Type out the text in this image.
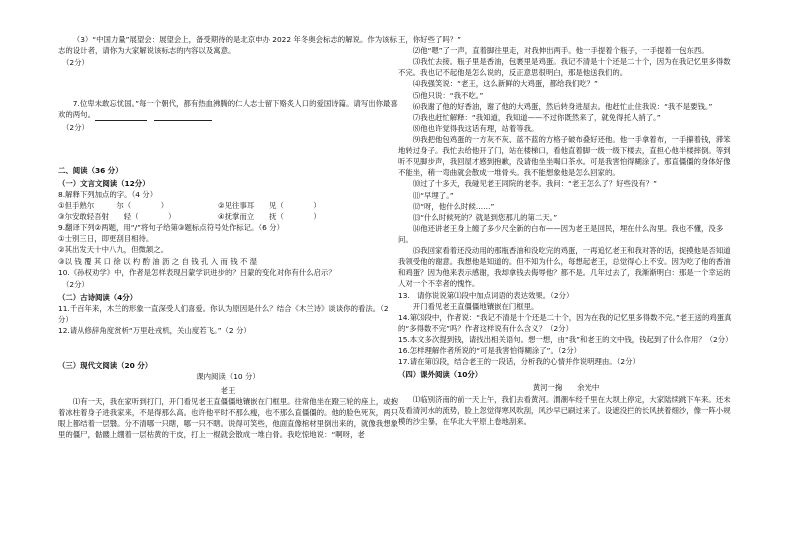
（3）“中国力量”展望会：展望会上，备受期待的是北京申办 2022 年冬奥会标志的解说。作为该标志的设计者，请你为大家解说该标志的内容以及寓意。

（2分）

7.位卑未敢忘忧国。”每一个朝代，都有热血沸腾的仁人志士留下赂炙人口的爱国诗篇。请写出你最喜欢的两句。　

（2分）

二、阅读（36 分）

（一）文言文阅读（12分）

8.解释下列加点的字。（4 分）

①但手熟尔　　　尔（　　　　）	②见往事耳　　见（　　　　）
③尔安敢轻吾射　　轻（　　　　）	④抚掌而立　　抚（　　　　）

9.翻译下列②两题，用“/”将句子给第③题标点符号处作标记。（6 分）

①士别三日，即更刮目相待。

②其出发天十中八九，但微颔之。

③以 钱 覆 其 口 徐 以 杓 酌 油 沥 之 自 钱 孔 入 而 钱 不 湿

10.《孙权劝学》中，作者是怎样表现吕蒙学识进步的？吕蒙的变化对你有什么启示？

（2分）

（二）古诗阅读（4分）

11.千百年来，木兰的形象一直深受人们喜爱。你认为原因是什么？结合《木兰诗》谈谈你的看法。（2 分）

12.请从修辞角度赏析“万里赴戎机，关山度若飞。”（2 分）

（三）现代文阅读（20 分）

课内阅读（10 分）

老王

⑴有一天，我在家听到打门，开门看见老王直僵僵地镶嵌在门框里。往常他坐在蹬三轮的座上，或抱着冰柱着身子进我家来，不是得那么高。也许他平时不那么瘦，也不那么直僵僵的。他的脸色死灰，两只眼上都结着一层翳。分不清哪一只瞎，哪一只不瞎。说得可笑些，他面直像棺材里倒出来的，就像我想象里的僵尸，骷髅上绷着一层枯黄的干皮，打上一棍就会散成一堆白骨。我吃惊地说：“啊呀，老

王，你好些了吗？”

⑵他“嗯”了一声，直着脚往里走，对我伸出两手。他一手提着个瓶子，一手提着一包东西。

⑶我忙去接。瓶子里是香油，包裹里是鸡蛋。我记不清是十个还是二十个，因为在我记忆里多得数不完。我也记不起他是怎么说的，反正意思很明白，那是他送我们的。

⑷我强笑说：“老王，这么新鲜的大鸡蛋，都给我们吃？”

⑸他只说：“我不吃。”

⑹我谢了他的好香油，谢了他的大鸡蛋，然后转身进屋去。他赶忙止住我说：“我不是要钱。”

⑺我也赶忙解释：“我知道，我知道——不过你既然来了，就免得托人捎了。”

⑻他也许觉得我这话有理，站着等我。

⑼我把他包鸡蛋的一方灰不灰、蓝不蓝的方格子破布叠好还他。他一手拿着布，一手攥着钱，滞笨地转过身子。我忙去给他开了门，站在楼梯口，看他直着脚一级一级下楼去，直担心他半楼摔倒。等到听不见脚步声，我回屋才感到抱歉，没请他坐坐喝口茶水。可是我害怕得糊涂了。那直僵僵的身体好像不能坐，稍一弯曲就会散成一堆骨头。我不能想象他是怎么回家的。

⑽过了十多天，我碰见老王同院的老李。我问：“老王怎么了？好些没有？”

⑾“早埋了。”

⑿“呀，他什么时候……”

⒀“什么时候死的？就是到您那儿的第二天。”

⒁他还讲老王身上缠了多少尺全新的白布——因为老王是回民，埋在什么沟里。我也不懂，没多问。

⒂我回家看着还没动用的那瓶香油和没吃完的鸡蛋，一再追忆老王和我对答的话，捉摸他是否知道我领受他的谢意。我想他是知道的。但不知为什么，每想起老王，总觉得心上不安。因为吃了他的香油和鸡蛋？因为他来表示感谢，我却拿钱去侮辱他？都不是。几年过去了，我渐渐明白：那是一个幸运的人对一个不幸者的愧怍。

13.　请你说说第⑴段中加点词语的表达效果。（2分）

开门看见老王直僵僵地镶嵌在门框里。

14.第⑶段中，作者说：“我记不清是十个还是二十个，因为在我的记忆里多得数不完。”老王送的鸡蛋真的“多得数不完”吗？作者这样说有什么含义？（2分）

15.本文多次提到钱，请找出相关语句。想一想，由“我”和老王的文中钱，钱起到了什么作用？（2分）

16.怎样理解作者所说的“可是我害怕得糊涂了”。（2分）

17.请在第⒂段，结合老王的一段话，分析我的心情并作说明理由。（2分）

（四）课外阅读（10分）

黄河一掬　　余光中

⑴临别济南的前一天上午，我们去看黄河。渭潮车经千里在大坝上停定，大家陆续跳下车来。还未及看清河水的流势，脸上忽觉得寒风吹刮，风沙早已刷过来了。设遮没拦的长风挟着细沙，像一阵小规模的沙尘暴，在华北大平原上卷地刮来。
